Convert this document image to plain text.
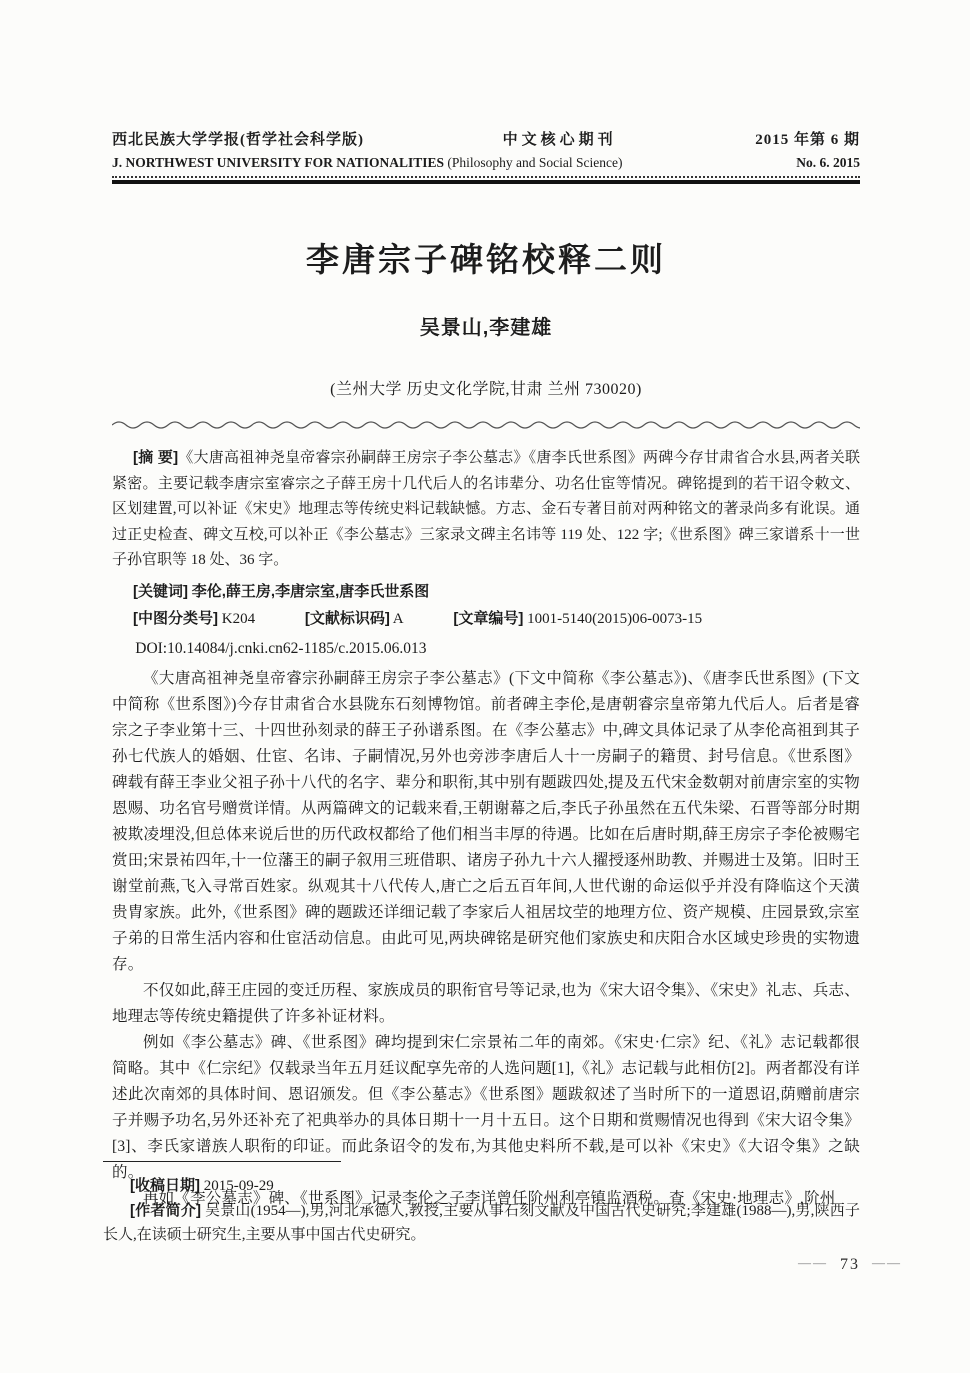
西北民族大学学报(哲学社会科学版)	中文核心期刊	2015 年第 6 期
J. NORTHWEST UNIVERSITY FOR NATIONALITIES (Philosophy and Social Science)	No. 6. 2015
李唐宗子碑铭校释二则
吴景山,李建雄
(兰州大学 历史文化学院,甘肃 兰州 730020)

[摘 要]《大唐高祖神尧皇帝睿宗孙嗣薛王房宗子李公墓志》《唐李氏世系图》两碑今存甘肃省合水县,两者关联紧密。主要记载李唐宗室睿宗之子薛王房十几代后人的名讳辈分、功名仕宦等情况。碑铭提到的若干诏令敕文、区划建置,可以补证《宋史》地理志等传统史料记载缺憾。方志、金石专著目前对两种铭文的著录尚多有讹误。通过正史检查、碑文互校,可以补正《李公墓志》三家录文碑主名讳等 119 处、122 字;《世系图》碑三家谱系十一世子孙官职等 18 处、36 字。

[关键词] 李伦,薛王房,李唐宗室,唐李氏世系图
[中图分类号] K204	[文献标识码] A	[文章编号] 1001-5140(2015)06-0073-15
DOI:10.14084/j.cnki.cn62-1185/c.2015.06.013

《大唐高祖神尧皇帝睿宗孙嗣薛王房宗子李公墓志》(下文中简称《李公墓志》)、《唐李氏世系图》(下文中简称《世系图》)今存甘肃省合水县陇东石刻博物馆。前者碑主李伦,是唐朝睿宗皇帝第九代后人。后者是睿宗之子李业第十三、十四世孙刻录的薛王子孙谱系图。在《李公墓志》中,碑文具体记录了从李伦高祖到其子孙七代族人的婚姻、仕宦、名讳、子嗣情况,另外也旁涉李唐后人十一房嗣子的籍贯、封号信息。《世系图》碑载有薛王李业父祖子孙十八代的名字、辈分和职衔,其中别有题跋四处,提及五代宋金数朝对前唐宗室的实物恩赐、功名官号赠赏详情。从两篇碑文的记载来看,王朝谢幕之后,李氏子孙虽然在五代朱梁、石晋等部分时期被欺凌埋没,但总体来说后世的历代政权都给了他们相当丰厚的待遇。比如在后唐时期,薛王房宗子李伦被赐宅赏田;宋景祐四年,十一位藩王的嗣子叙用三班借职、诸房子孙九十六人擢授逐州助教、并赐进士及第。旧时王谢堂前燕,飞入寻常百姓家。纵观其十八代传人,唐亡之后五百年间,人世代谢的命运似乎并没有降临这个天潢贵胄家族。此外,《世系图》碑的题跋还详细记载了李家后人祖居坟茔的地理方位、资产规模、庄园景致,宗室子弟的日常生活内容和仕宦活动信息。由此可见,两块碑铭是研究他们家族史和庆阳合水区域史珍贵的实物遗存。

不仅如此,薛王庄园的变迁历程、家族成员的职衔官号等记录,也为《宋大诏令集》、《宋史》礼志、兵志、地理志等传统史籍提供了许多补证材料。

例如《李公墓志》碑、《世系图》碑均提到宋仁宗景祐二年的南郊。《宋史·仁宗》纪、《礼》志记载都很简略。其中《仁宗纪》仅载录当年五月廷议配享先帝的人选问题[1],《礼》志记载与此相仿[2]。两者都没有详述此次南郊的具体时间、恩诏颁发。但《李公墓志》《世系图》题跋叙述了当时所下的一道恩诏,荫赠前唐宗子并赐予功名,另外还补充了祀典举办的具体日期十一月十五日。这个日期和赏赐情况也得到《宋大诏令集》[3]、李氏家谱族人职衔的印证。而此条诏令的发布,为其他史料所不载,是可以补《宋史》《大诏令集》之缺的。

再如《李公墓志》碑、《世系图》记录李伦之子李详曾任阶州利亭镇监酒税。查《宋史·地理志》,阶州

[收稿日期] 2015-09-29

[作者简介] 吴景山(1954—),男,河北承德人,教授,主要从事石刻文献及中国古代史研究;李建雄(1988—),男,陕西子长人,在读硕士研究生,主要从事中国古代史研究。

—— 73 ——
